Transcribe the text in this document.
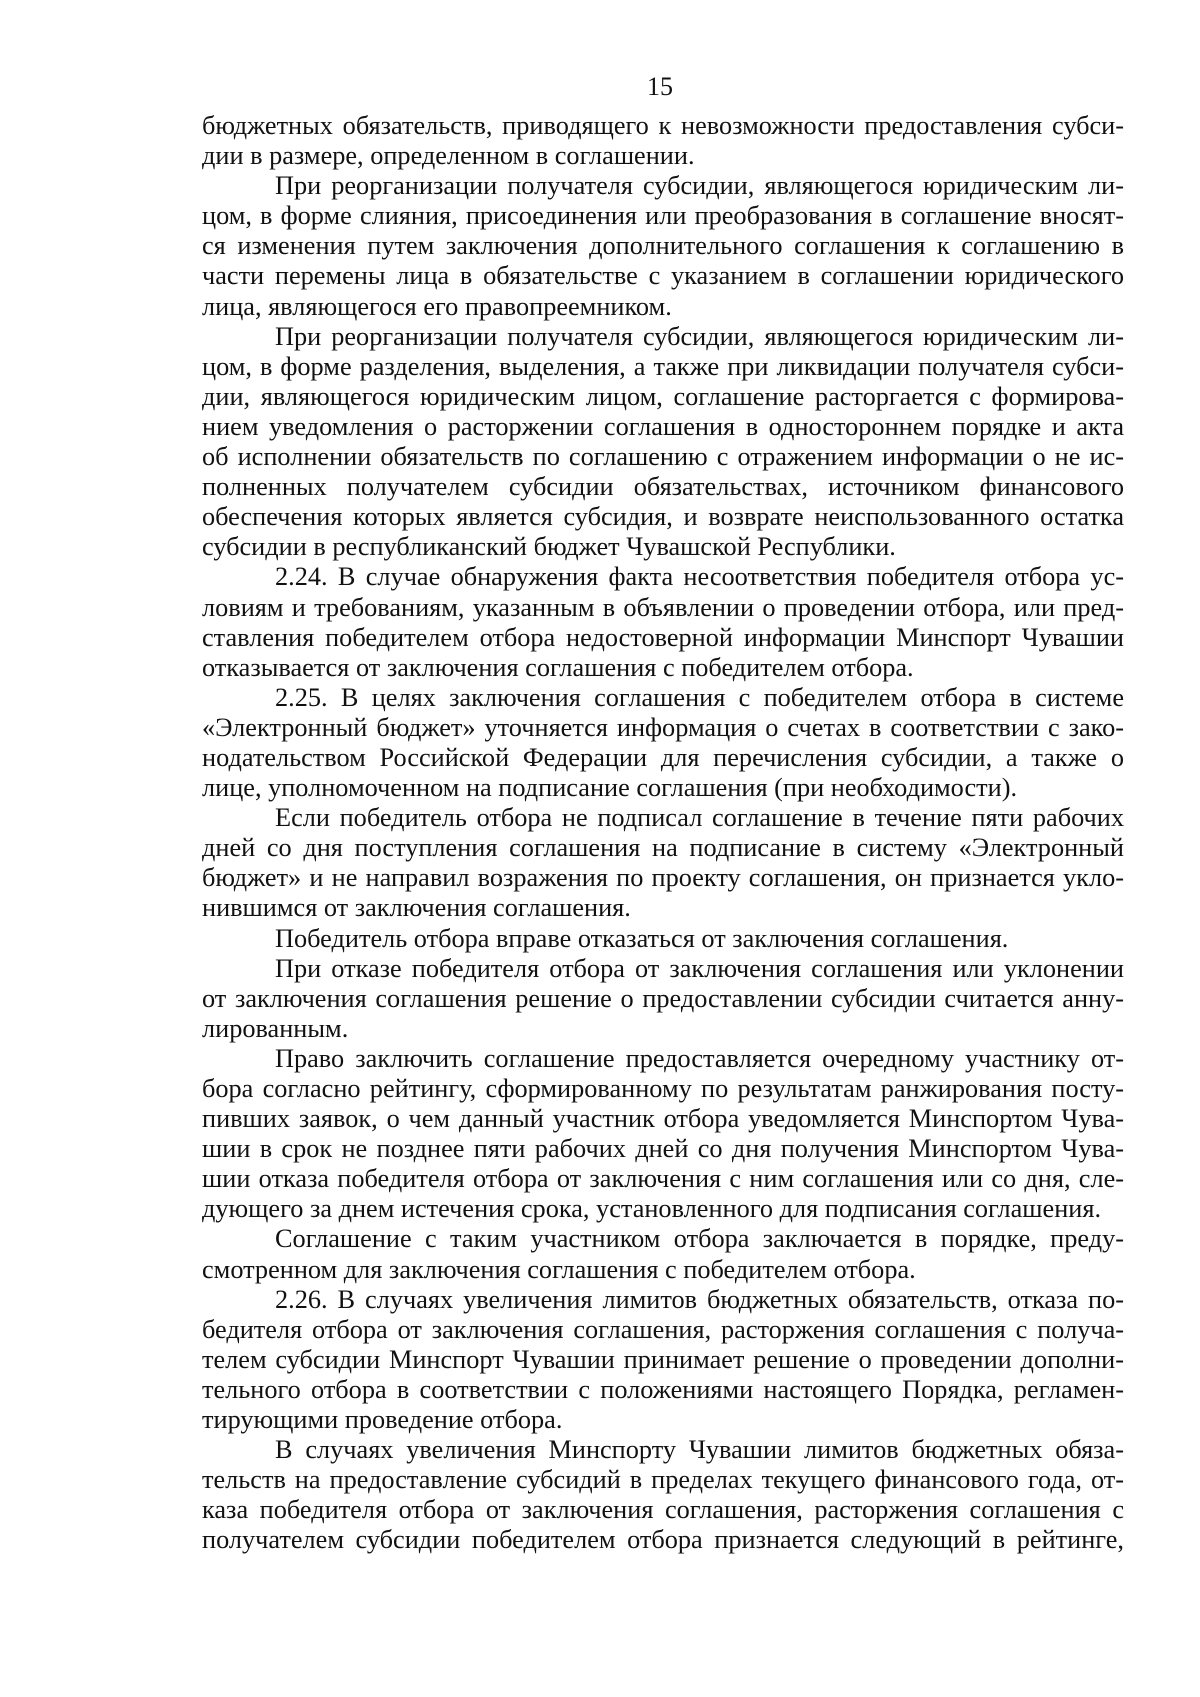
15

бюджетных обязательств, приводящего к невозможности предоставления субси-
дии в размере, определенном в соглашении.

При реорганизации получателя субсидии, являющегося юридическим ли-
цом, в форме слияния, присоединения или преобразования в соглашение вносят-
ся изменения путем заключения дополнительного соглашения к соглашению в
части перемены лица в обязательстве с указанием в соглашении юридического
лица, являющегося его правопреемником.

При реорганизации получателя субсидии, являющегося юридическим ли-
цом, в форме разделения, выделения, а также при ликвидации получателя субси-
дии, являющегося юридическим лицом, соглашение расторгается с формирова-
нием уведомления о расторжении соглашения в одностороннем порядке и акта
об исполнении обязательств по соглашению с отражением информации о не ис-
полненных получателем субсидии обязательствах, источником финансового
обеспечения которых является субсидия, и возврате неиспользованного остатка
субсидии в республиканский бюджет Чувашской Республики.

2.24. В случае обнаружения факта несоответствия победителя отбора ус-
ловиям и требованиям, указанным в объявлении о проведении отбора, или пред-
ставления победителем отбора недостоверной информации Минспорт Чувашии
отказывается от заключения соглашения с победителем отбора.

2.25. В целях заключения соглашения с победителем отбора в системе
«Электронный бюджет» уточняется информация о счетах в соответствии с зако-
нодательством Российской Федерации для перечисления субсидии, а также о
лице, уполномоченном на подписание соглашения (при необходимости).

Если победитель отбора не подписал соглашение в течение пяти рабочих
дней со дня поступления соглашения на подписание в систему «Электронный
бюджет» и не направил возражения по проекту соглашения, он признается укло-
нившимся от заключения соглашения.

Победитель отбора вправе отказаться от заключения соглашения.

При отказе победителя отбора от заключения соглашения или уклонении
от заключения соглашения решение о предоставлении субсидии считается анну-
лированным.

Право заключить соглашение предоставляется очередному участнику от-
бора согласно рейтингу, сформированному по результатам ранжирования посту-
пивших заявок, о чем данный участник отбора уведомляется Минспортом Чува-
шии в срок не позднее пяти рабочих дней со дня получения Минспортом Чува-
шии отказа победителя отбора от заключения с ним соглашения или со дня, сле-
дующего за днем истечения срока, установленного для подписания соглашения.

Соглашение с таким участником отбора заключается в порядке, преду-
смотренном для заключения соглашения с победителем отбора.

2.26. В случаях увеличения лимитов бюджетных обязательств, отказа по-
бедителя отбора от заключения соглашения, расторжения соглашения с получа-
телем субсидии Минспорт Чувашии принимает решение о проведении дополни-
тельного отбора в соответствии с положениями настоящего Порядка, регламен-
тирующими проведение отбора.

В случаях увеличения Минспорту Чувашии лимитов бюджетных обяза-
тельств на предоставление субсидий в пределах текущего финансового года, от-
каза победителя отбора от заключения соглашения, расторжения соглашения с
получателем субсидии победителем отбора признается следующий в рейтинге,
